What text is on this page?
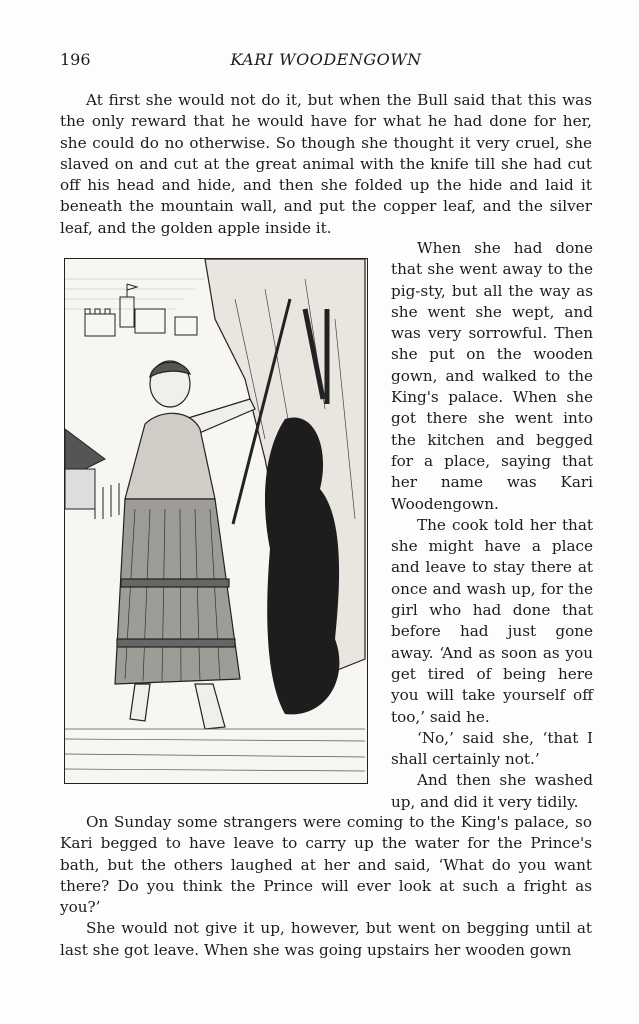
196	KARI WOODENGOWN

At first she would not do it, but when the Bull said that this was the only reward that he would have for what he had done for her, she could do no otherwise. So though she thought it very cruel, she slaved on and cut at the great animal with the knife till she had cut off his head and hide, and then she folded up the hide and laid it beneath the mountain wall, and put the copper leaf, and the silver leaf, and the golden apple inside it.

When she had done that she went away to the pig-sty, but all the way as she went she wept, and was very sorrowful. Then she put on the wooden gown, and walked to the King's palace. When she got there she went into the kitchen and begged for a place, saying that her name was Kari Woodengown.

The cook told her that she might have a place and leave to stay there at once and wash up, for the girl who had done that before had just gone away. ‘And as soon as you get tired of being here you will take yourself off too,’ said he.

‘No,’ said she, ‘that I shall certainly not.’

And then she washed up, and did it very tidily.

On Sunday some strangers were coming to the King's palace, so Kari begged to have leave to carry up the water for the Prince's bath, but the others laughed at her and said, ‘What do you want there? Do you think the Prince will ever look at such a fright as you?’

She would not give it up, however, but went on begging until at last she got leave. When she was going upstairs her wooden gown
